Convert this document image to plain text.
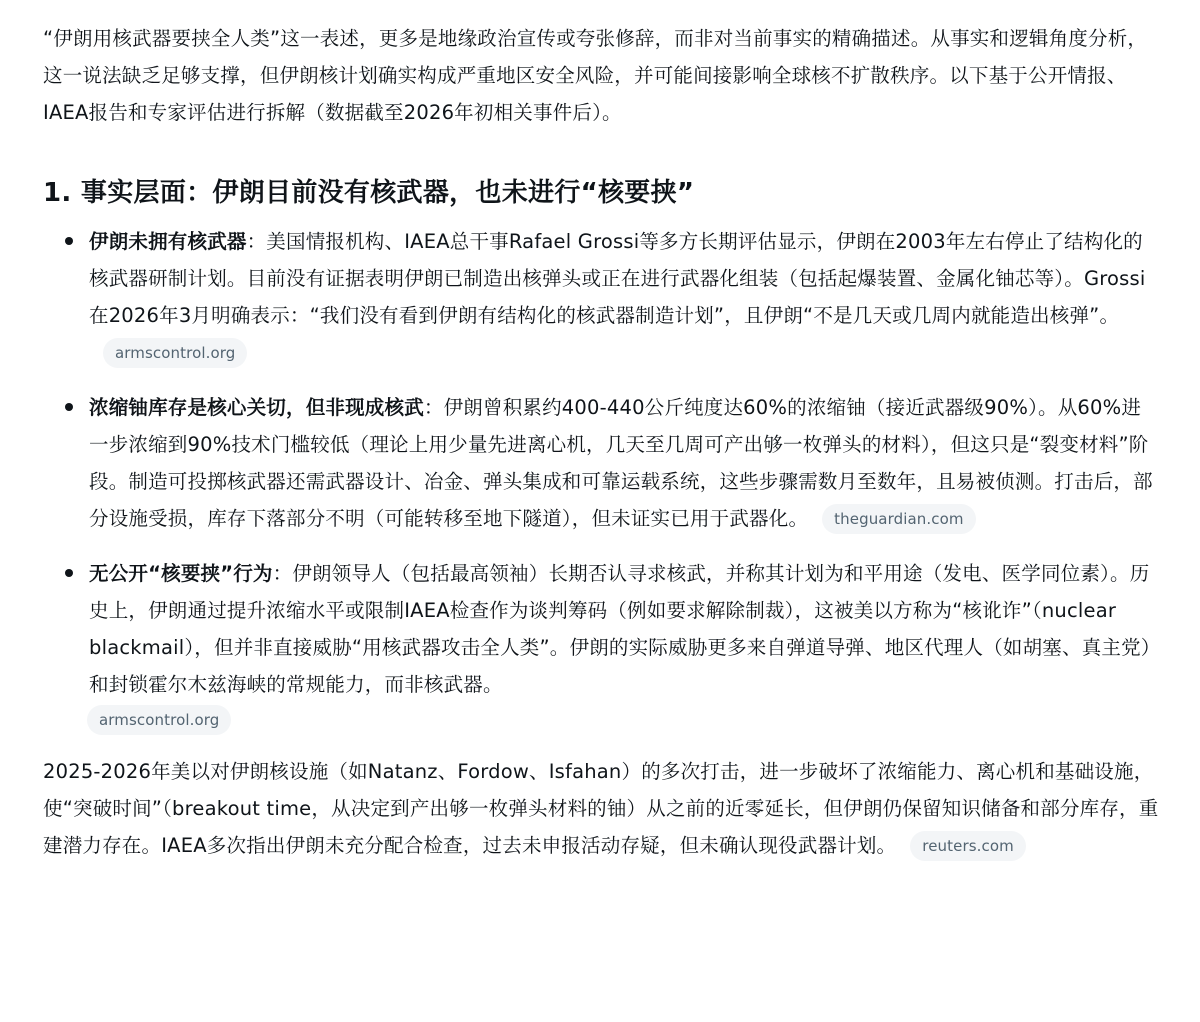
“伊朗用核武器要挟全人类”这一表述，更多是地缘政治宣传或夸张修辞，而非对当前事实的精确描述。从事实和逻辑角度分析，这一说法缺乏足够支撑，但伊朗核计划确实构成严重地区安全风险，并可能间接影响全球核不扩散秩序。以下基于公开情报、IAEA报告和专家评估进行拆解（数据截至2026年初相关事件后）。

1. 事实层面：伊朗目前没有核武器，也未进行“核要挟”
伊朗未拥有核武器：美国情报机构、IAEA总干事Rafael Grossi等多方长期评估显示，伊朗在2003年左右停止了结构化的核武器研制计划。目前没有证据表明伊朗已制造出核弹头或正在进行武器化组装（包括起爆装置、金属化铀芯等）。Grossi在2026年3月明确表示：“我们没有看到伊朗有结构化的核武器制造计划”，且伊朗“不是几天或几周内就能造出核弹”。armscontrol.org
浓缩铀库存是核心关切，但非现成核武：伊朗曾积累约400-440公斤纯度达60%的浓缩铀（接近武器级90%）。从60%进一步浓缩到90%技术门槛较低（理论上用少量先进离心机，几天至几周可产出够一枚弹头的材料），但这只是“裂变材料”阶段。制造可投掷核武器还需武器设计、冶金、弹头集成和可靠运载系统，这些步骤需数月至数年，且易被侦测。打击后，部分设施受损，库存下落部分不明（可能转移至地下隧道），但未证实已用于武器化。 theguardian.com
无公开“核要挟”行为：伊朗领导人（包括最高领袖）长期否认寻求核武，并称其计划为和平用途（发电、医学同位素）。历史上，伊朗通过提升浓缩水平或限制IAEA检查作为谈判筹码（例如要求解除制裁），这被美以方称为“核讹诈”（nuclear blackmail），但并非直接威胁“用核武器攻击全人类”。伊朗的实际威胁更多来自弹道导弹、地区代理人（如胡塞、真主党）和封锁霍尔木兹海峡的常规能力，而非核武器。
armscontrol.org

2025-2026年美以对伊朗核设施（如Natanz、Fordow、Isfahan）的多次打击，进一步破坏了浓缩能力、离心机和基础设施，使“突破时间”（breakout time，从决定到产出够一枚弹头材料的铀）从之前的近零延长，但伊朗仍保留知识储备和部分库存，重建潜力存在。IAEA多次指出伊朗未充分配合检查，过去未申报活动存疑，但未确认现役武器计划。 reuters.com
